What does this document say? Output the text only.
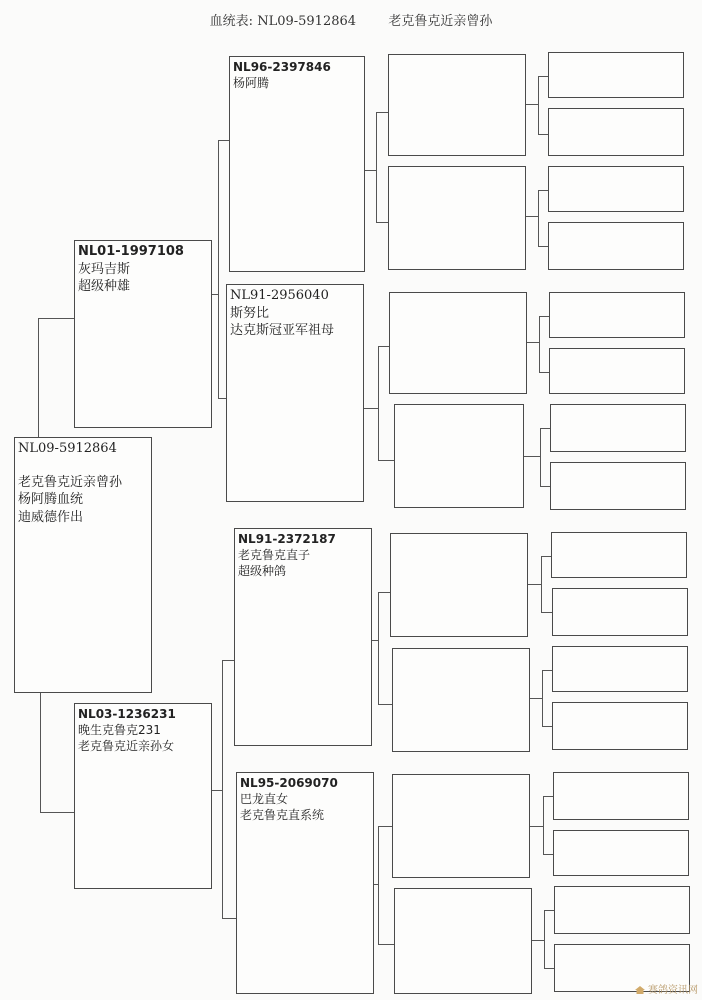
血统表: NL09-5912864 老克鲁克近亲曾孙
NL09-5912864
老克鲁克近亲曾孙
杨阿腾血统
迪威德作出
NL01-1997108
灰玛吉斯
超级种雄
NL03-1236231
晚生克鲁克231
老克鲁克近亲孙女
NL96-2397846
杨阿腾
NL91-2956040
斯努比
达克斯冠亚军祖母
NL91-2372187
老克鲁克直子
超级种鸽
NL95-2069070
巴龙直女
老克鲁克直系统
赛鸽资讯网
